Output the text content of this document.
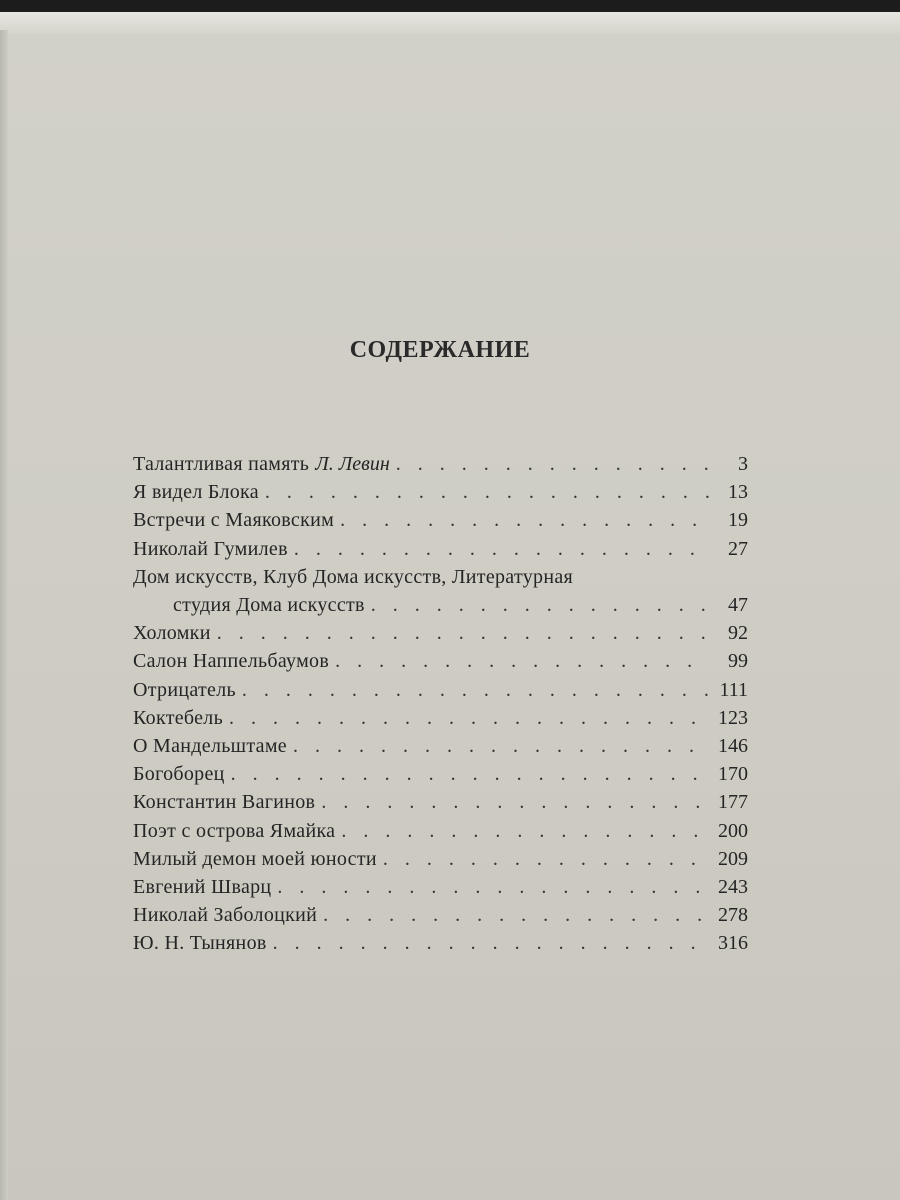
СОДЕРЖАНИЕ
Талантливая память Л. Левин . . .	3
Я видел Блока . . .	13
Встречи с Маяковским . . .	19
Николай Гумилев . . .	27
Дом искусств, Клуб Дома искусств, Литературная
студия Дома искусств . . .	47
Холомки . . .	92
Салон Наппельбаумов . . .	99
Отрицатель . . .	111
Коктебель . . .	123
О Мандельштаме . . .	146
Богоборец . . .	170
Константин Вагинов . . .	177
Поэт с острова Ямайка . . .	200
Милый демон моей юности . . .	209
Евгений Шварц . . .	243
Николай Заболоцкий . . .	278
Ю. Н. Тынянов . . .	316
